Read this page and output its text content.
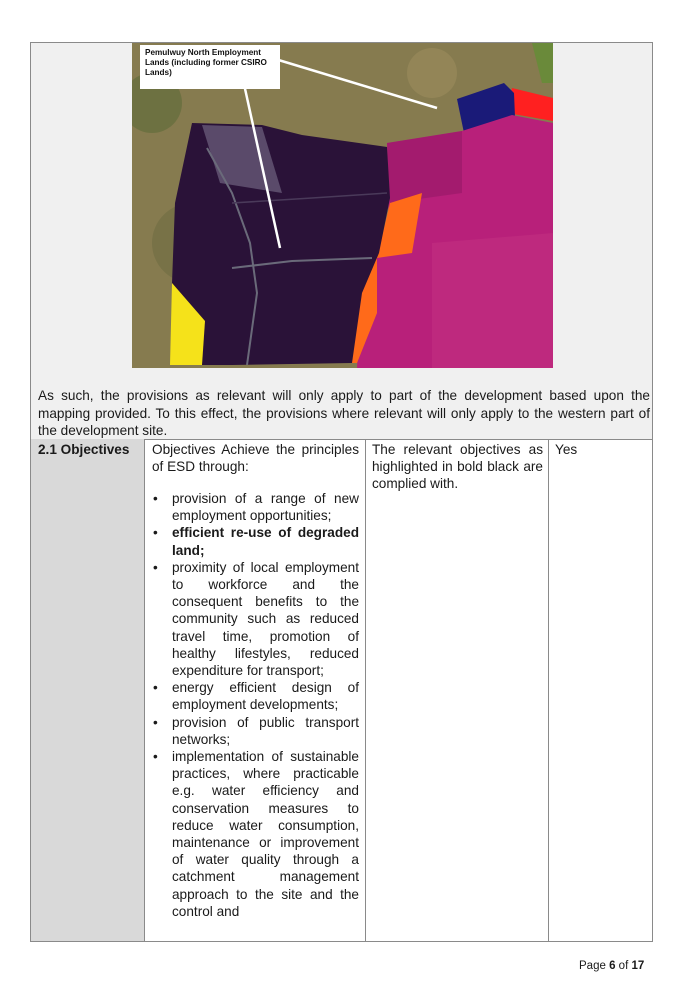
Pemulwuy North Employment Lands (including former CSIRO Lands)

As such, the provisions as relevant will only apply to part of the development based upon the mapping provided. To this effect, the provisions where relevant will only apply to the western part of the development site.

2.1 Objectives Objectives Achieve the principles of ESD through:
• provision of a range of new employment opportunities;
• efficient re-use of degraded land;
• proximity of local employment to workforce and the consequent benefits to the community such as reduced travel time, promotion of healthy lifestyles, reduced expenditure for transport;
• energy efficient design of employment developments;
• provision of public transport networks;
• implementation of sustainable practices, where practicable e.g. water efficiency and conservation measures to reduce water consumption, maintenance or improvement of water quality through a catchment management approach to the site and the control and
The relevant objectives as highlighted in bold black are complied with.
Yes
Page 6 of 17
